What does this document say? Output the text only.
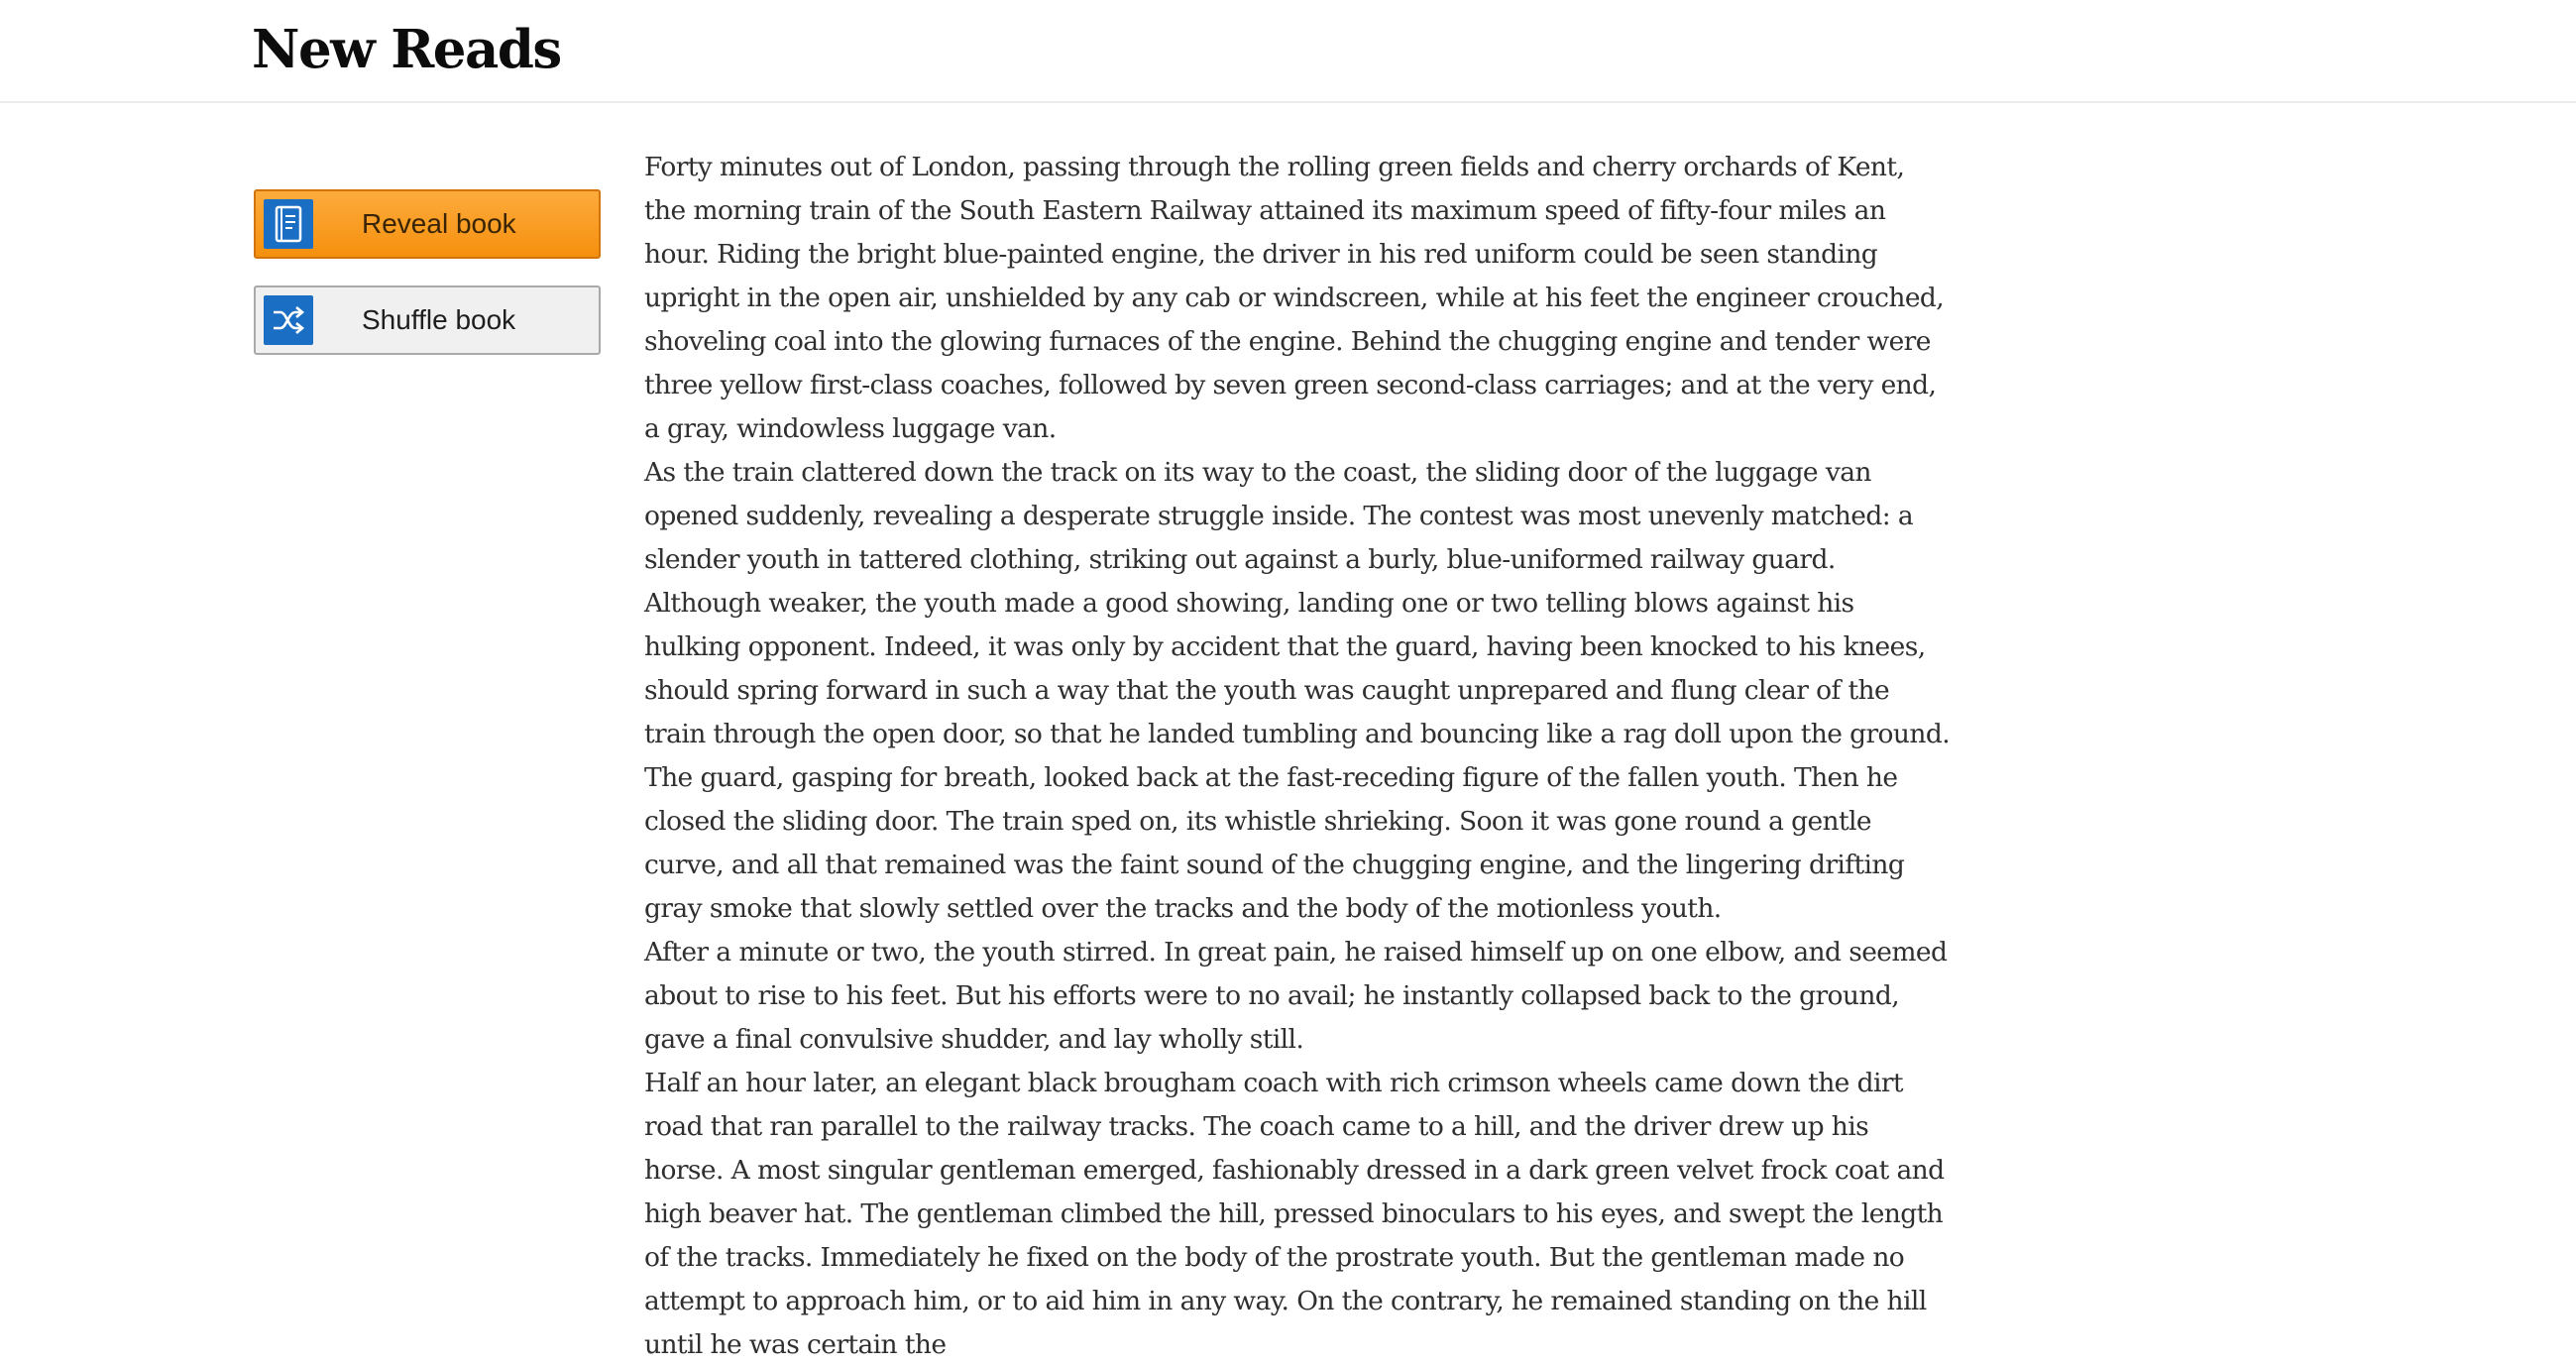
New Reads
Reveal book
Shuffle book

Forty minutes out of London, passing through the rolling green fields and cherry orchards of Kent, the morning train of the South Eastern Railway attained its maximum speed of fifty-four miles an hour. Riding the bright blue-painted engine, the driver in his red uniform could be seen standing upright in the open air, unshielded by any cab or windscreen, while at his feet the engineer crouched, shoveling coal into the glowing furnaces of the engine. Behind the chugging engine and tender were three yellow first-class coaches, followed by seven green second-class carriages; and at the very end, a gray, windowless luggage van.

As the train clattered down the track on its way to the coast, the sliding door of the luggage van opened suddenly, revealing a desperate struggle inside. The contest was most unevenly matched: a slender youth in tattered clothing, striking out against a burly, blue-uniformed railway guard. Although weaker, the youth made a good showing, landing one or two telling blows against his hulking opponent. Indeed, it was only by accident that the guard, having been knocked to his knees, should spring forward in such a way that the youth was caught unprepared and flung clear of the train through the open door, so that he landed tumbling and bouncing like a rag doll upon the ground.

The guard, gasping for breath, looked back at the fast-receding figure of the fallen youth. Then he closed the sliding door. The train sped on, its whistle shrieking. Soon it was gone round a gentle curve, and all that remained was the faint sound of the chugging engine, and the lingering drifting gray smoke that slowly settled over the tracks and the body of the motionless youth.

After a minute or two, the youth stirred. In great pain, he raised himself up on one elbow, and seemed about to rise to his feet. But his efforts were to no avail; he instantly collapsed back to the ground, gave a final convulsive shudder, and lay wholly still.

Half an hour later, an elegant black brougham coach with rich crimson wheels came down the dirt road that ran parallel to the railway tracks. The coach came to a hill, and the driver drew up his horse. A most singular gentleman emerged, fashionably dressed in a dark green velvet frock coat and high beaver hat. The gentleman climbed the hill, pressed binoculars to his eyes, and swept the length of the tracks. Immediately he fixed on the body of the prostrate youth. But the gentleman made no attempt to approach him, or to aid him in any way. On the contrary, he remained standing on the hill until he was certain the
